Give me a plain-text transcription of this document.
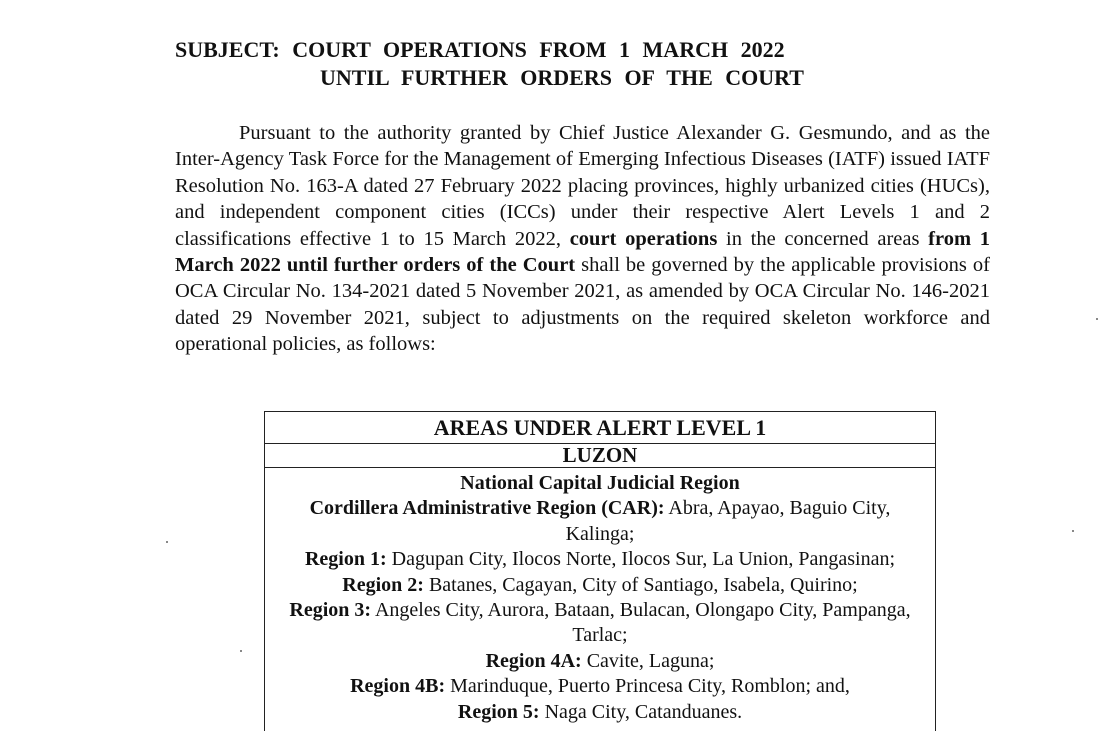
SUBJECT: COURT OPERATIONS FROM 1 MARCH 2022
UNTIL FURTHER ORDERS OF THE COURT
Pursuant to the authority granted by Chief Justice Alexander G. Gesmundo, and as the Inter-Agency Task Force for the Management of Emerging Infectious Diseases (IATF) issued IATF Resolution No. 163-A dated 27 February 2022 placing provinces, highly urbanized cities (HUCs), and independent component cities (ICCs) under their respective Alert Levels 1 and 2 classifications effective 1 to 15 March 2022, court operations in the concerned areas from 1 March 2022 until further orders of the Court shall be governed by the applicable provisions of OCA Circular No. 134-2021 dated 5 November 2021, as amended by OCA Circular No. 146-2021 dated 29 November 2021, subject to adjustments on the required skeleton workforce and operational policies, as follows:
AREAS UNDER ALERT LEVEL 1
LUZON
National Capital Judicial Region
Cordillera Administrative Region (CAR): Abra, Apayao, Baguio City, Kalinga;
Region 1: Dagupan City, Ilocos Norte, Ilocos Sur, La Union, Pangasinan;
Region 2: Batanes, Cagayan, City of Santiago, Isabela, Quirino;
Region 3: Angeles City, Aurora, Bataan, Bulacan, Olongapo City, Pampanga, Tarlac;
Region 4A: Cavite, Laguna;
Region 4B: Marinduque, Puerto Princesa City, Romblon; and,
Region 5: Naga City, Catanduanes.
